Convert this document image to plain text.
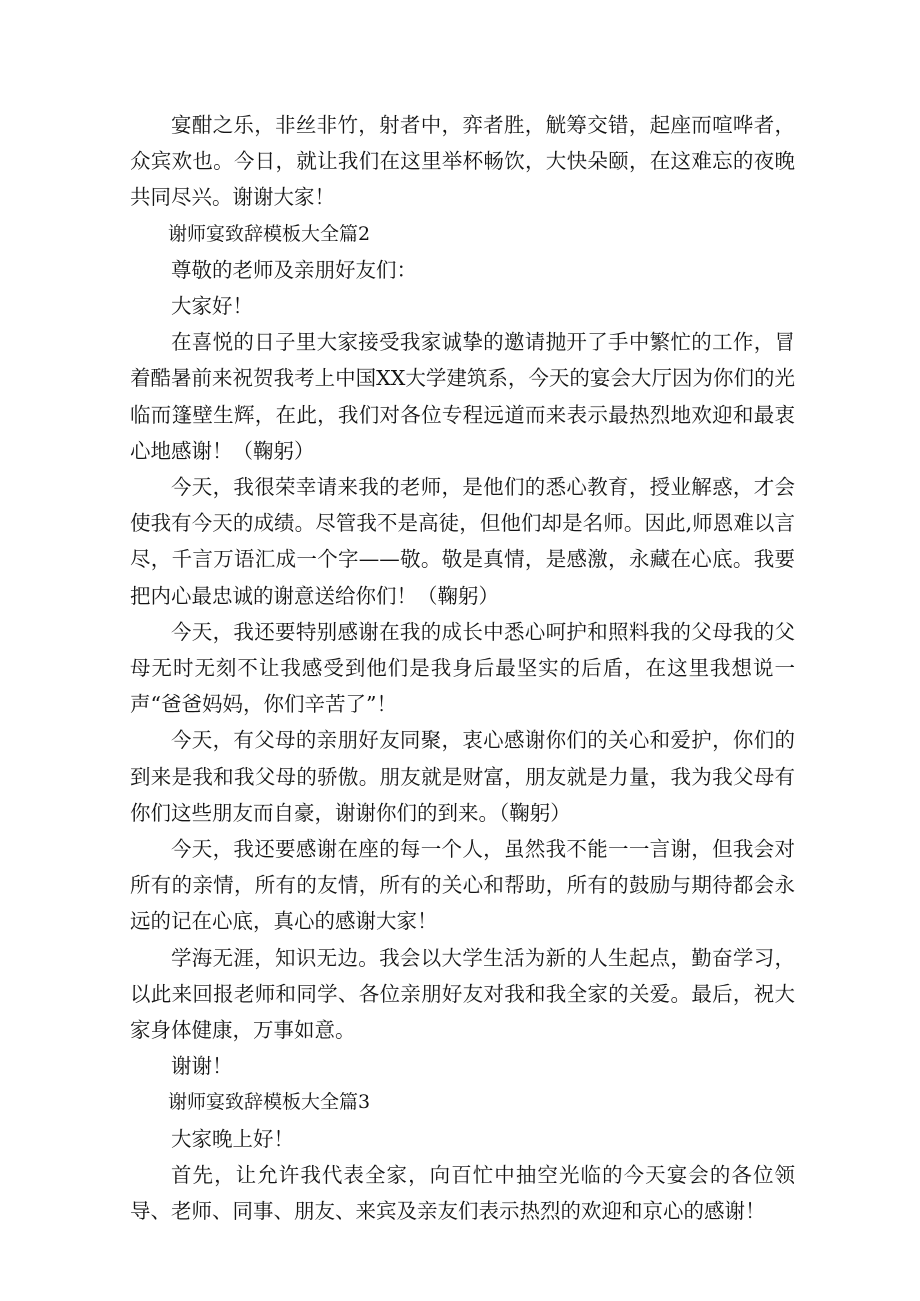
宴酣之乐，非丝非竹，射者中，弈者胜，觥筹交错，起座而喧哗者，众宾欢也。今日，就让我们在这里举杯畅饮，大快朵颐，在这难忘的夜晚共同尽兴。谢谢大家！

谢师宴致辞模板大全篇2

尊敬的老师及亲朋好友们：

大家好！

在喜悦的日子里大家接受我家诚挚的邀请抛开了手中繁忙的工作，冒着酷暑前来祝贺我考上中国XX大学建筑系，今天的宴会大厅因为你们的光临而篷壁生辉，在此，我们对各位专程远道而来表示最热烈地欢迎和最衷心地感谢！（鞠躬）

今天，我很荣幸请来我的老师，是他们的悉心教育，授业解惑，才会使我有今天的成绩。尽管我不是高徒，但他们却是名师。因此,师恩难以言尽，千言万语汇成一个字——敬。敬是真情，是感激，永藏在心底。我要把内心最忠诚的谢意送给你们！（鞠躬）

今天，我还要特别感谢在我的成长中悉心呵护和照料我的父母我的父母无时无刻不让我感受到他们是我身后最坚实的后盾，在这里我想说一声“爸爸妈妈，你们辛苦了”！

今天，有父母的亲朋好友同聚，衷心感谢你们的关心和爱护，你们的到来是我和我父母的骄傲。朋友就是财富，朋友就是力量，我为我父母有你们这些朋友而自豪，谢谢你们的到来。（鞠躬）

今天，我还要感谢在座的每一个人，虽然我不能一一言谢，但我会对所有的亲情，所有的友情，所有的关心和帮助，所有的鼓励与期待都会永远的记在心底，真心的感谢大家！

学海无涯，知识无边。我会以大学生活为新的人生起点，勤奋学习，以此来回报老师和同学、各位亲朋好友对我和我全家的关爱。最后，祝大家身体健康，万事如意。

谢谢！

谢师宴致辞模板大全篇3

大家晚上好！

首先，让允许我代表全家，向百忙中抽空光临的今天宴会的各位领导、老师、同事、朋友、来宾及亲友们表示热烈的欢迎和京心的感谢！
